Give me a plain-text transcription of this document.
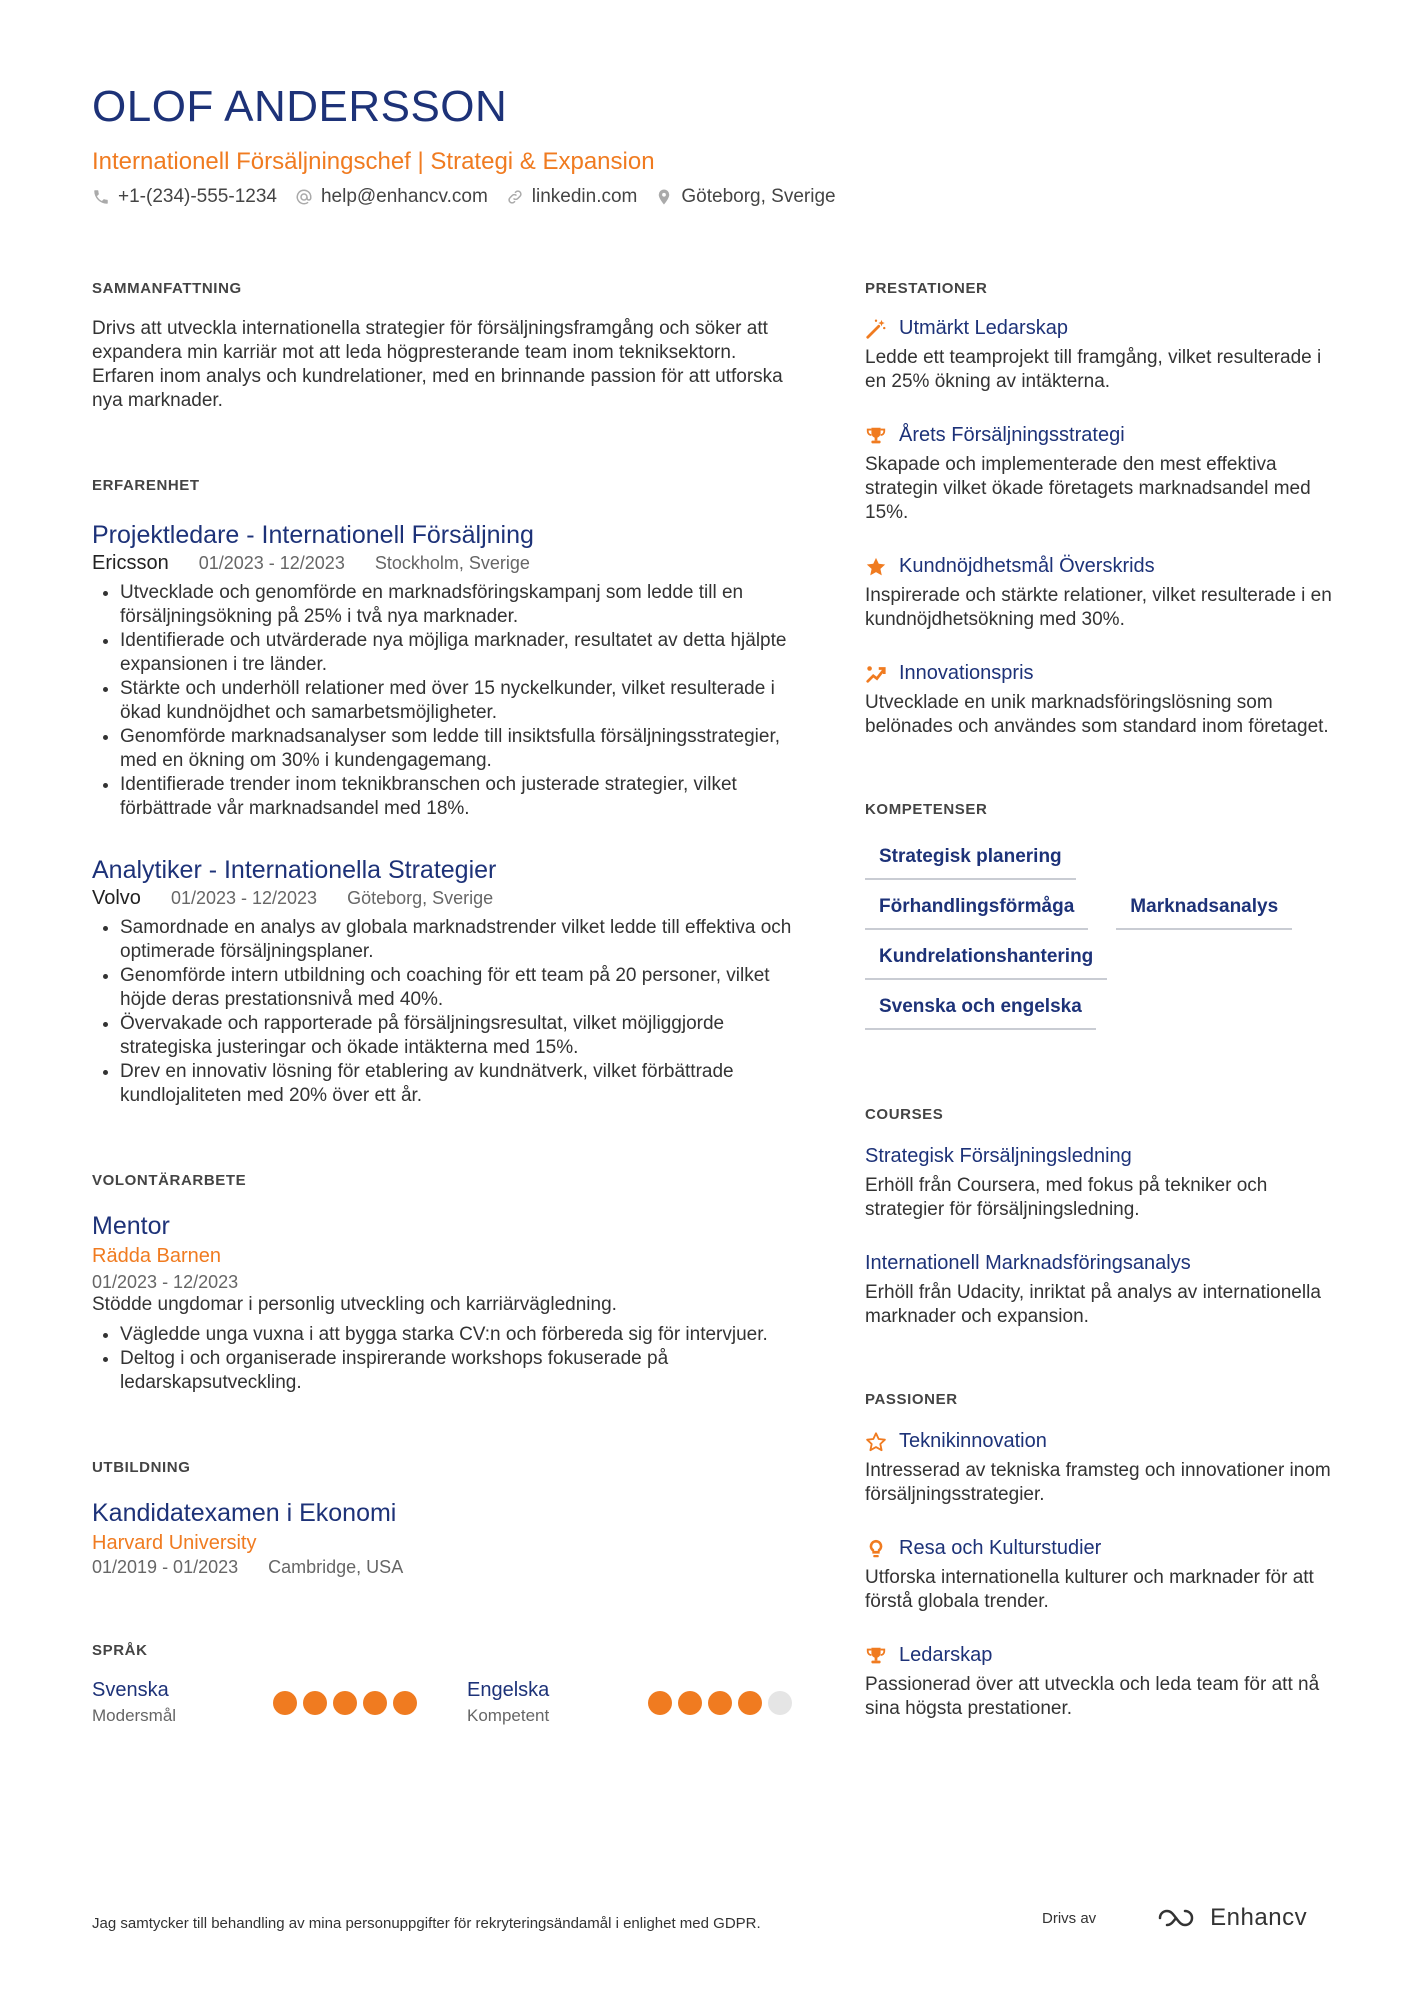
OLOF ANDERSSON
Internationell Försäljningschef | Strategi & Expansion
+1-(234)-555-1234 help@enhancv.com linkedin.com Göteborg, Sverige
SAMMANFATTNING

Drivs att utveckla internationella strategier för försäljningsframgång och söker att expandera min karriär mot att leda högpresterande team inom tekniksektorn. Erfaren inom analys och kundrelationer, med en brinnande passion för att utforska nya marknader.

ERFARENHET
Projektledare - Internationell Försäljning
Ericsson 01/2023 - 12/2023 Stockholm, Sverige
• Utvecklade och genomförde en marknadsföringskampanj som ledde till en försäljningsökning på 25% i två nya marknader.
• Identifierade och utvärderade nya möjliga marknader, resultatet av detta hjälpte expansionen i tre länder.
• Stärkte och underhöll relationer med över 15 nyckelkunder, vilket resulterade i ökad kundnöjdhet och samarbetsmöjligheter.
• Genomförde marknadsanalyser som ledde till insiktsfulla försäljningsstrategier, med en ökning om 30% i kundengagemang.
• Identifierade trender inom teknikbranschen och justerade strategier, vilket förbättrade vår marknadsandel med 18%.
Analytiker - Internationella Strategier
Volvo 01/2023 - 12/2023 Göteborg, Sverige
• Samordnade en analys av globala marknadstrender vilket ledde till effektiva och optimerade försäljningsplaner.
• Genomförde intern utbildning och coaching för ett team på 20 personer, vilket höjde deras prestationsnivå med 40%.
• Övervakade och rapporterade på försäljningsresultat, vilket möjliggjorde strategiska justeringar och ökade intäkterna med 15%.
• Drev en innovativ lösning för etablering av kundnätverk, vilket förbättrade kundlojaliteten med 20% över ett år.
VOLONTÄRARBETE
Mentor
Rädda Barnen
01/2023 - 12/2023
Stödde ungdomar i personlig utveckling och karriärvägledning.
• Vägledde unga vuxna i att bygga starka CV:n och förbereda sig för intervjuer.
• Deltog i och organiserade inspirerande workshops fokuserade på ledarskapsutveckling.
UTBILDNING
Kandidatexamen i Ekonomi
Harvard University
01/2019 - 01/2023 Cambridge, USA
SPRÅK
Svenska
Modersmål
Engelska
Kompetent
PRESTATIONER
Utmärkt Ledarskap
Ledde ett teamprojekt till framgång, vilket resulterade i en 25% ökning av intäkterna.
Årets Försäljningsstrategi
Skapade och implementerade den mest effektiva strategin vilket ökade företagets marknadsandel med 15%.
Kundnöjdhetsmål Överskrids
Inspirerade och stärkte relationer, vilket resulterade i en kundnöjdhetsökning med 30%.
Innovationspris
Utvecklade en unik marknadsföringslösning som belönades och användes som standard inom företaget.
KOMPETENSER
Strategisk planering
Förhandlingsförmåga	Marknadsanalys
Kundrelationshantering
Svenska och engelska
COURSES
Strategisk Försäljningsledning
Erhöll från Coursera, med fokus på tekniker och strategier för försäljningsledning.
Internationell Marknadsföringsanalys
Erhöll från Udacity, inriktat på analys av internationella marknader och expansion.
PASSIONER
Teknikinnovation
Intresserad av tekniska framsteg och innovationer inom försäljningsstrategier.
Resa och Kulturstudier
Utforska internationella kulturer och marknader för att förstå globala trender.
Ledarskap
Passionerad över att utveckla och leda team för att nå sina högsta prestationer.
Jag samtycker till behandling av mina personuppgifter för rekryteringsändamål i enlighet med GDPR.	Drivs av	Enhancv
